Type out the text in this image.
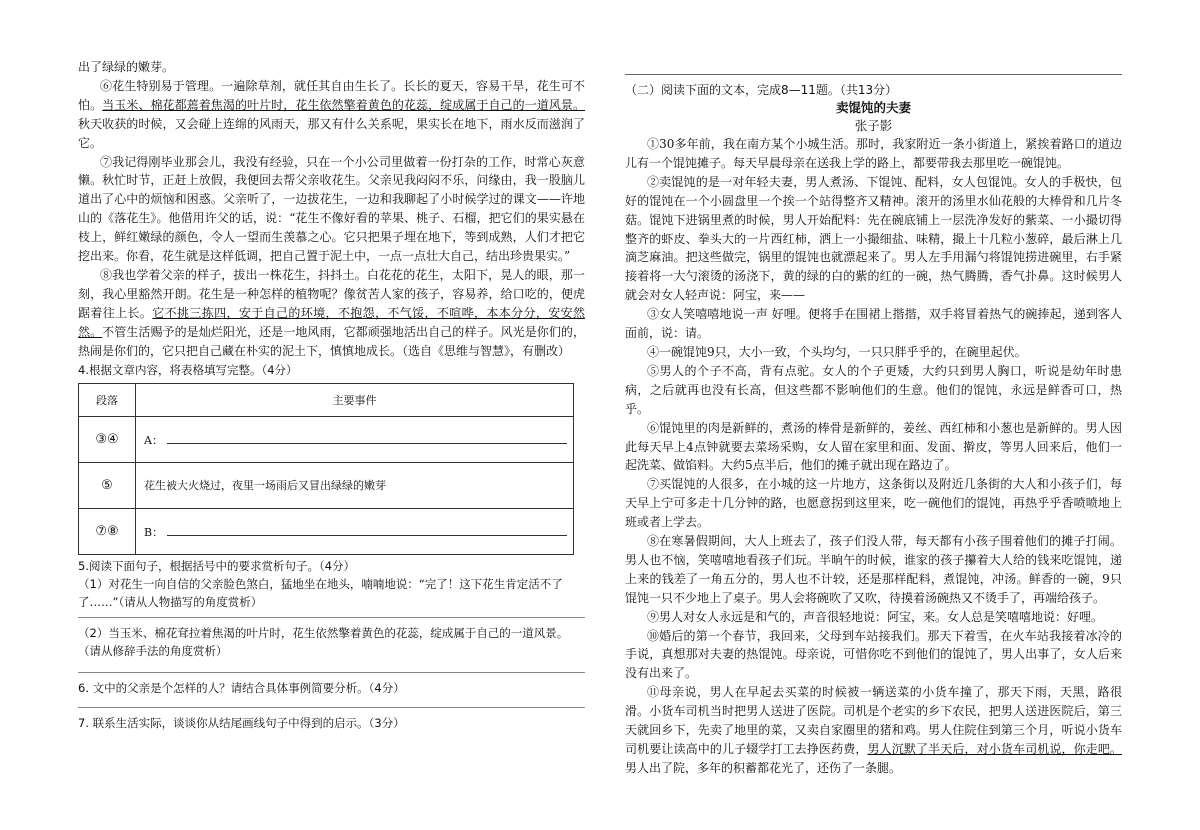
出了绿绿的嫩芽。

⑥花生特别易于管理。一遍除草剂，就任其自由生长了。长长的夏天，容易干旱，花生可不怕。当玉米、棉花都蔫着焦渴的叶片时，花生依然擎着黄色的花蕊，绽成属于自己的一道风景。秋天收获的时候，又会碰上连绵的风雨天，那又有什么关系呢，果实长在地下，雨水反而滋润了它。

⑦我记得刚毕业那会儿，我没有经验，只在一个小公司里做着一份打杂的工作，时常心灰意懒。秋忙时节，正赶上放假，我便回去帮父亲收花生。父亲见我闷闷不乐，问缘由，我一股脑儿道出了心中的烦恼和困惑。父亲听了，一边拔花生，一边和我聊起了小时候学过的课文——许地山的《落花生》。他借用许父的话，说：“花生不像好看的苹果、桃子、石榴，把它们的果实悬在枝上，鲜红嫩绿的颜色，令人一望而生羡慕之心。它只把果子埋在地下，等到成熟，人们才把它挖出来。你看，花生就是这样低调，把自己置于泥土中，一点一点壮大自己，结出珍贵果实。”

⑧我也学着父亲的样子，拔出一株花生，抖抖土。白花花的花生，太阳下，晃人的眼，那一刻，我心里豁然开朗。花生是一种怎样的植物呢？像贫苦人家的孩子，容易养，给口吃的，便虎踞着往上长。它不挑三拣四，安于自己的环境，不抱怨，不气馁，不喧哗，本本分分，安安然然。不管生活赐予的是灿烂阳光，还是一地风雨，它都顽强地活出自己的样子。风光是你们的，热闹是你们的，它只把自己藏在朴实的泥土下，慎慎地成长。（选自《思维与智慧》，有删改）

4.根据文章内容，将表格填写完整。（4分）

段落	主要事件
③④	A：
⑤	花生被大火烧过，夜里一场雨后又冒出绿绿的嫩芽
⑦⑧	B：

5.阅读下面句子，根据括号中的要求赏析句子。（4分）

（1）对花生一向自信的父亲脸色煞白，猛地坐在地头，喃喃地说：“完了！这下花生肯定活不了了……”（请从人物描写的角度赏析）

（2）当玉米、棉花耷拉着焦渴的叶片时，花生依然擎着黄色的花蕊，绽成属于自己的一道风景。（请从修辞手法的角度赏析）

6. 文中的父亲是个怎样的人？请结合具体事例简要分析。（4分）

7. 联系生活实际，谈谈你从结尾画线句子中得到的启示。（3分）

（二）阅读下面的文本，完成8—11题。（共13分）

卖馄饨的夫妻

张子影

①30多年前，我在南方某个小城生活。那时，我家附近一条小街道上，紧挨着路口的道边儿有一个馄饨摊子。每天早晨母亲在送我上学的路上，都要带我去那里吃一碗馄饨。

②卖馄饨的是一对年轻夫妻，男人煮汤、下馄饨、配料，女人包馄饨。女人的手极快，包好的馄饨在一个小圆盘里一个挨一个站得整齐又精神。滚开的汤里水仙花般的大棒骨和几片冬菇。馄饨下进锅里煮的时候，男人开始配料：先在碗底铺上一层洗净发好的紫菜、一小撮切得整齐的虾皮、拳头大的一片西红柿，洒上一小撮细盐、味精，撮上十几粒小葱碎，最后淋上几滴芝麻油。把这些做完，锅里的馄饨也就漂起来了。男人左手用漏勺将馄饨捞进碗里，右手紧接着将一大勺滚烫的汤浇下，黄的绿的白的紫的红的一碗，热气腾腾，香气扑鼻。这时候男人就会对女人轻声说：阿宝，来——

③女人笑嘻嘻地说一声 好哩。便将手在围裙上揩揩，双手将冒着热气的碗捧起，递到客人面前，说：请。

④一碗馄饨9只，大小一致，个头均匀，一只只胖乎乎的，在碗里起伏。

⑤男人的个子不高，背有点驼。女人的个子更矮，大约只到男人胸口，听说是幼年时患病，之后就再也没有长高，但这些都不影响他们的生意。他们的馄饨，永远是鲜香可口，热乎。

⑥馄饨里的肉是新鲜的，煮汤的棒骨是新鲜的，姜丝、西红柿和小葱也是新鲜的。男人因此每天早上4点钟就要去菜场采购，女人留在家里和面、发面、擀皮，等男人回来后，他们一起洗菜、做馅料。大约5点半后，他们的摊子就出现在路边了。

⑦买馄饨的人很多，在小城的这一片地方，这条街以及附近几条街的大人和小孩子们，每天早上宁可多走十几分钟的路，也愿意拐到这里来，吃一碗他们的馄饨，再热乎乎香喷喷地上班或者上学去。

⑧在寒暑假期间，大人上班去了，孩子们没人带，每天都有小孩子围着他们的摊子打闹。男人也不恼，笑嘻嘻地看孩子们玩。半晌午的时候，谁家的孩子攥着大人给的钱来吃馄饨，递上来的钱差了一角五分的，男人也不计较，还是那样配料，煮馄饨，冲汤。鲜香的一碗，9只馄饨一只不少地上了桌子。男人会将碗吹了又吹，待摸着汤碗热又不烫手了，再端给孩子。

⑨男人对女人永远是和气的，声音很轻地说：阿宝，来。女人总是笑嘻嘻地说：好哩。

⑩婚后的第一个春节，我回来，父母到车站接我们。那天下着雪，在火车站我接着冰冷的手说，真想那对夫妻的热馄饨。母亲说，可惜你吃不到他们的馄饨了，男人出事了，女人后来没有出来了。

⑪母亲说，男人在早起去买菜的时候被一辆送菜的小货车撞了，那天下雨，天黑，路很滑。小货车司机当时把男人送进了医院。司机是个老实的乡下农民，把男人送进医院后，第三天就回乡下，先卖了地里的菜，又卖自家圈里的猪和鸡。男人住院住到第三个月，听说小货车司机要让读高中的儿子辍学打工去挣医药费，男人沉默了半天后，对小货车司机说，你走吧。男人出了院，多年的积蓄都花光了，还伤了一条腿。
